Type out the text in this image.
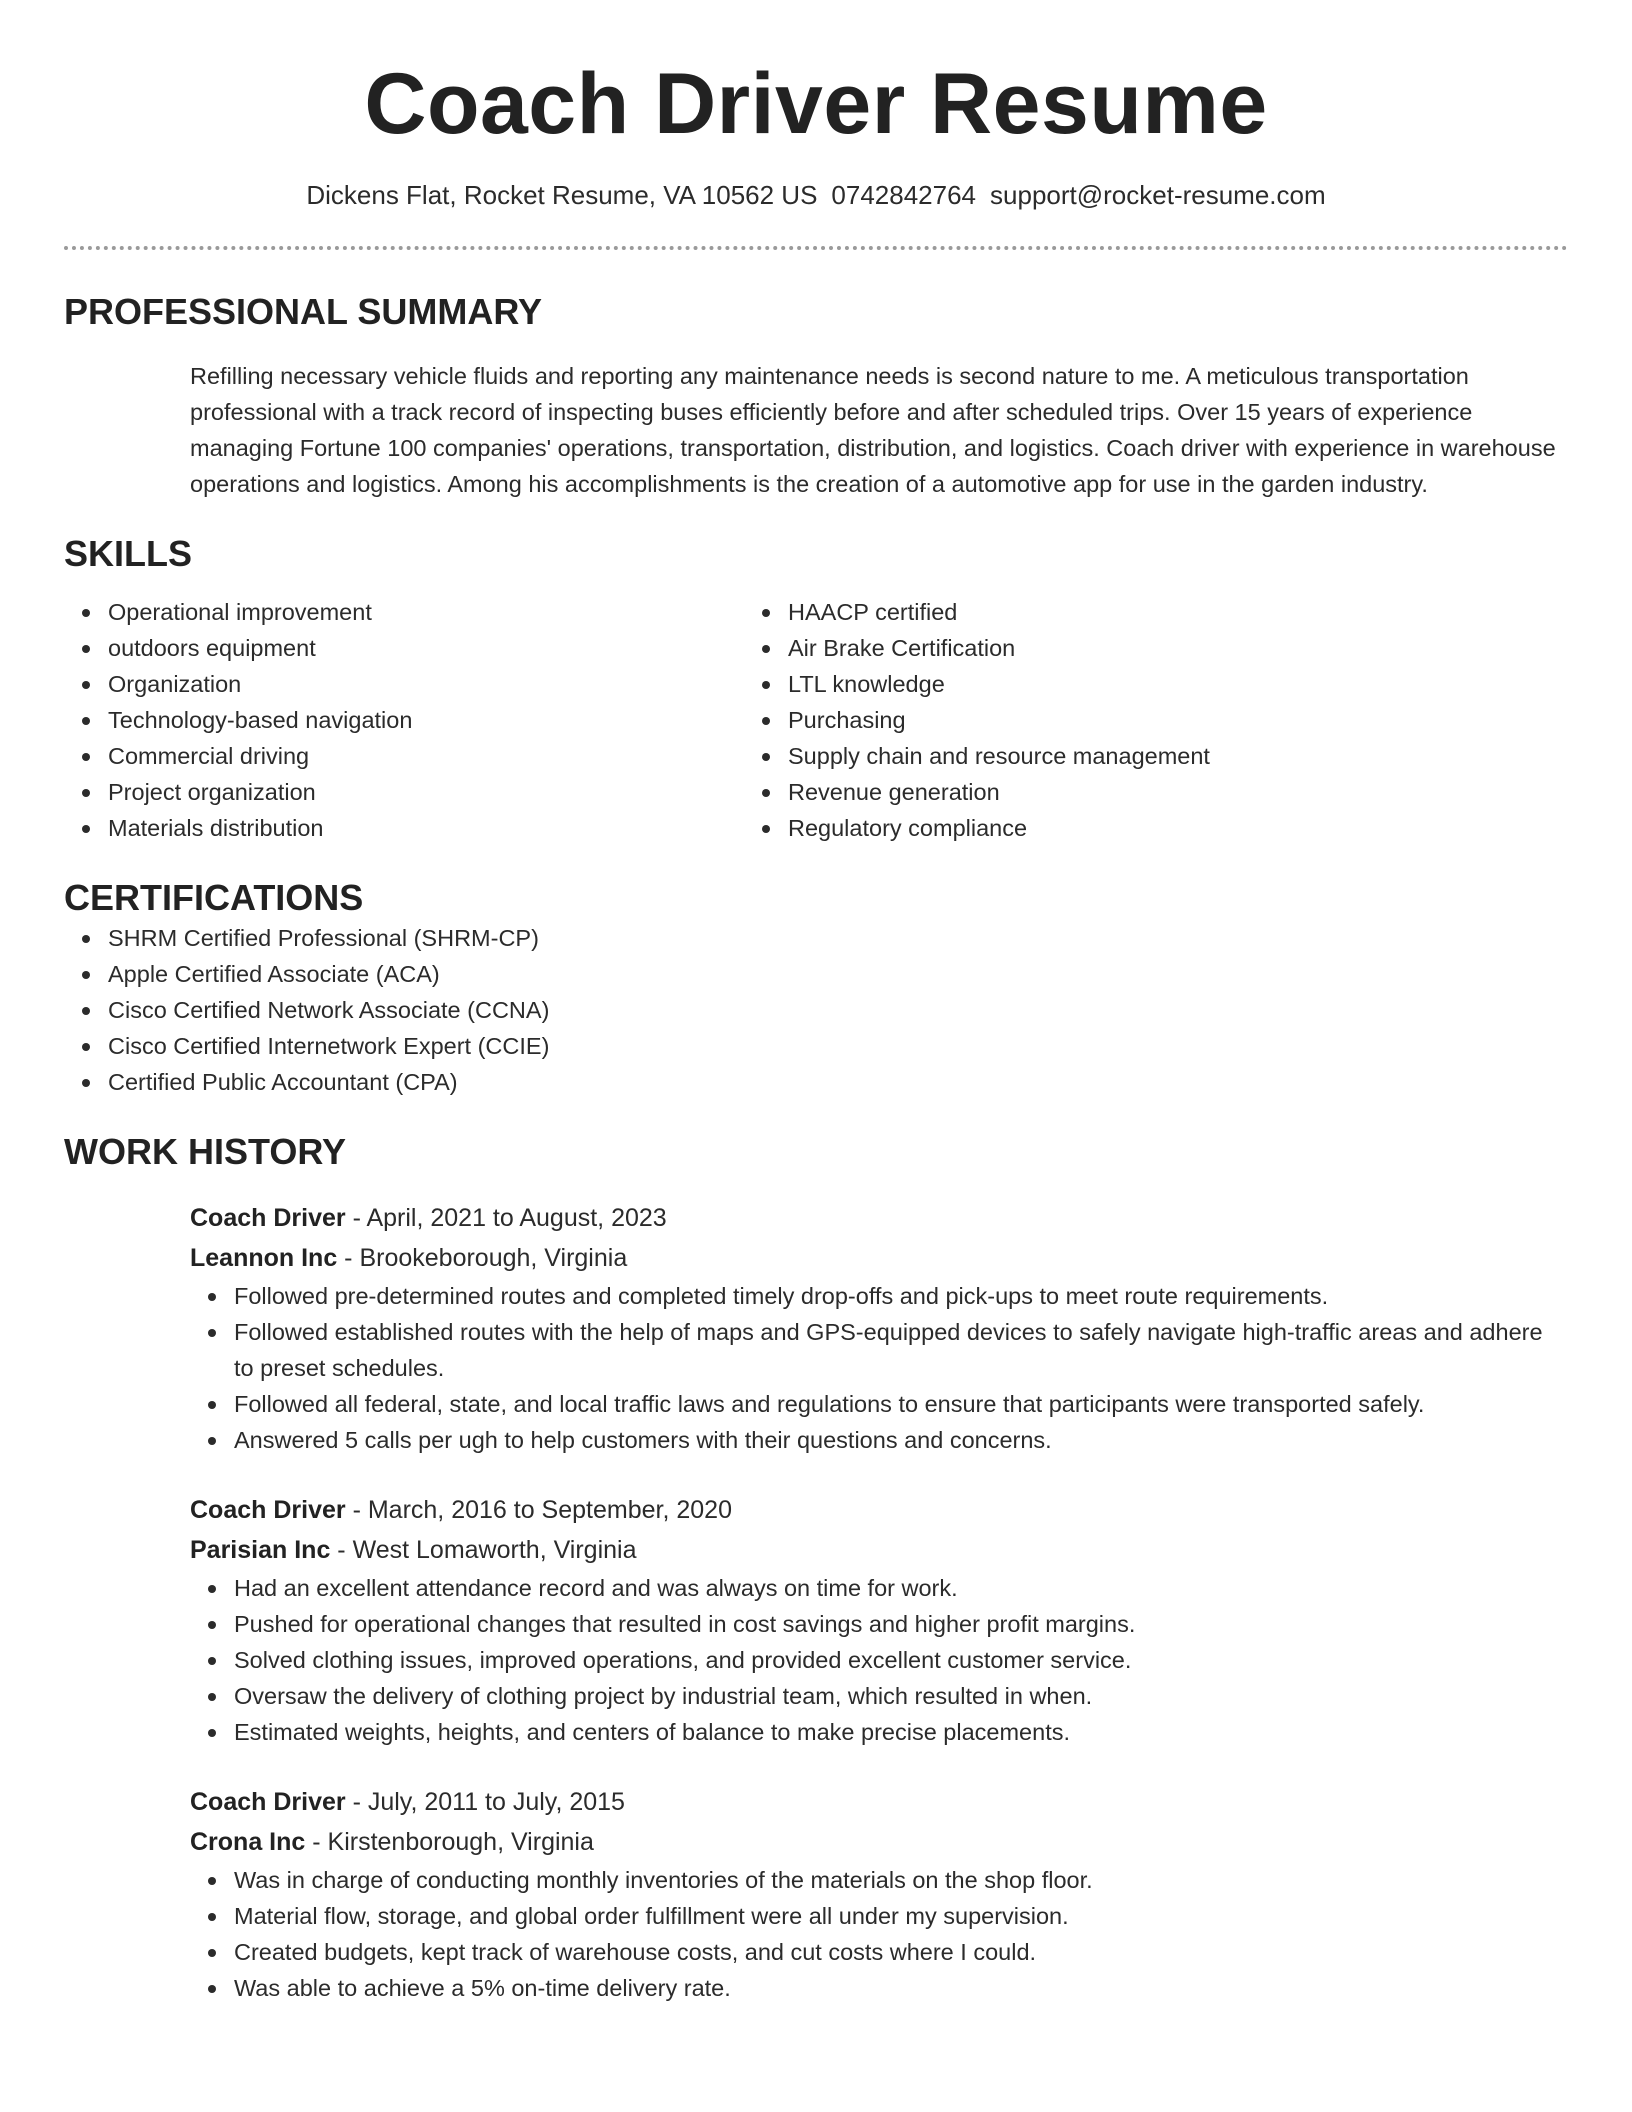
Coach Driver Resume
Dickens Flat, Rocket Resume, VA 10562 US 0742842764 support@rocket-resume.com
PROFESSIONAL SUMMARY

Refilling necessary vehicle fluids and reporting any maintenance needs is second nature to me. A meticulous transportation professional with a track record of inspecting buses efficiently before and after scheduled trips. Over 15 years of experience managing Fortune 100 companies' operations, transportation, distribution, and logistics. Coach driver with experience in warehouse operations and logistics. Among his accomplishments is the creation of a automotive app for use in the garden industry.

SKILLS
Operational improvement
outdoors equipment
Organization
Technology-based navigation
Commercial driving
Project organization
Materials distribution
HAACP certified
Air Brake Certification
LTL knowledge
Purchasing
Supply chain and resource management
Revenue generation
Regulatory compliance
CERTIFICATIONS
SHRM Certified Professional (SHRM-CP)
Apple Certified Associate (ACA)
Cisco Certified Network Associate (CCNA)
Cisco Certified Internetwork Expert (CCIE)
Certified Public Accountant (CPA)
WORK HISTORY
Coach Driver - April, 2021 to August, 2023
Leannon Inc - Brookeborough, Virginia
Followed pre-determined routes and completed timely drop-offs and pick-ups to meet route requirements.
Followed established routes with the help of maps and GPS-equipped devices to safely navigate high-traffic areas and adhere to preset schedules.
Followed all federal, state, and local traffic laws and regulations to ensure that participants were transported safely.
Answered 5 calls per ugh to help customers with their questions and concerns.
Coach Driver - March, 2016 to September, 2020
Parisian Inc - West Lomaworth, Virginia
Had an excellent attendance record and was always on time for work.
Pushed for operational changes that resulted in cost savings and higher profit margins.
Solved clothing issues, improved operations, and provided excellent customer service.
Oversaw the delivery of clothing project by industrial team, which resulted in when.
Estimated weights, heights, and centers of balance to make precise placements.
Coach Driver - July, 2011 to July, 2015
Crona Inc - Kirstenborough, Virginia
Was in charge of conducting monthly inventories of the materials on the shop floor.
Material flow, storage, and global order fulfillment were all under my supervision.
Created budgets, kept track of warehouse costs, and cut costs where I could.
Was able to achieve a 5% on-time delivery rate.
